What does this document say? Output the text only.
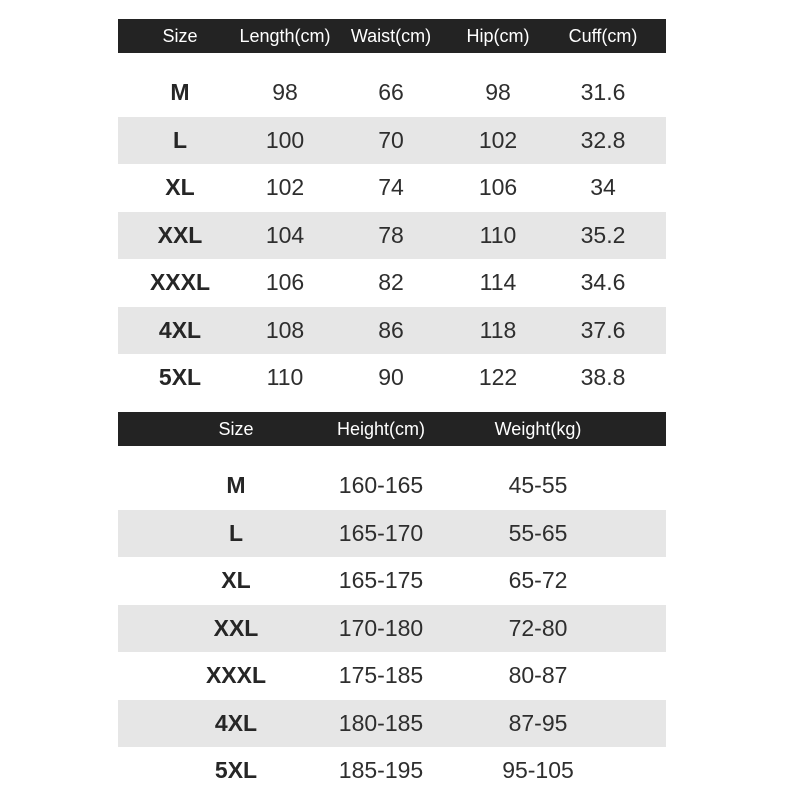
Size	Length(cm)	Waist(cm)	Hip(cm)	Cuff(cm)
M	98	66	98	31.6
L	100	70	102	32.8
XL	102	74	106	34
XXL	104	78	110	35.2
XXXL	106	82	114	34.6
4XL	108	86	118	37.6
5XL	110	90	122	38.8
Size	Height(cm)	Weight(kg)
M	160-165	45-55
L	165-170	55-65
XL	165-175	65-72
XXL	170-180	72-80
XXXL	175-185	80-87
4XL	180-185	87-95
5XL	185-195	95-105
